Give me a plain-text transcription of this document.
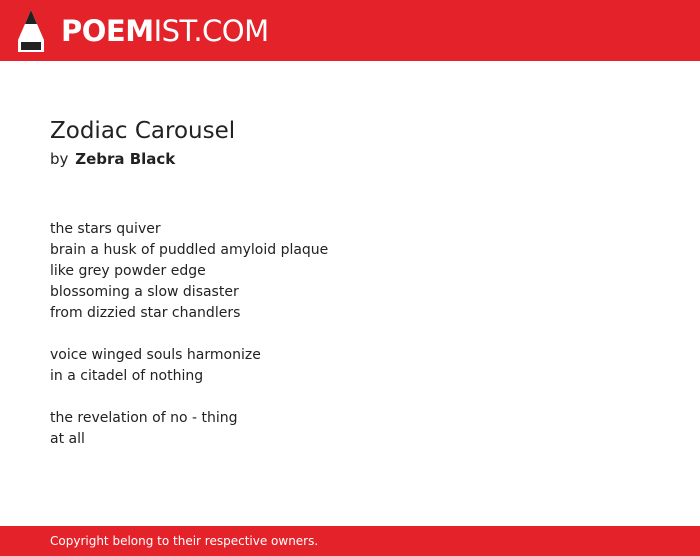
POEMIST.COM
Zodiac Carousel
by Zebra Black
the stars quiver
brain a husk of puddled amyloid plaque
like grey powder edge
blossoming a slow disaster
from dizzied star chandlers
voice winged souls harmonize
in a citadel of nothing
the revelation of no - thing
at all
Copyright belong to their respective owners.
